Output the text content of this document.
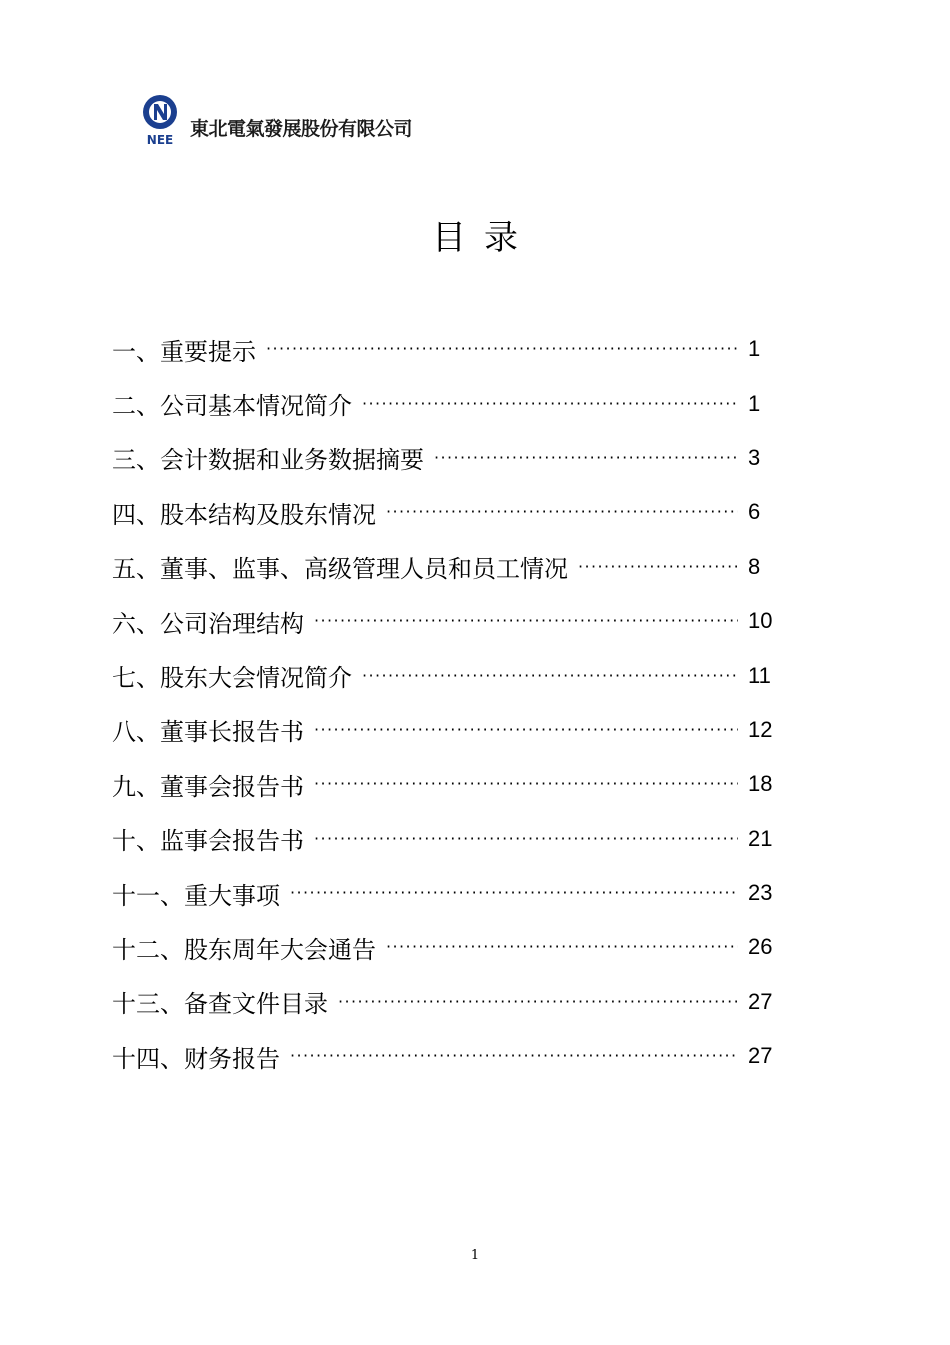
NEE 東北電氣發展股份有限公司
目录
一、重要提示 ·····	1
二、公司基本情况简介 ·····	1
三、会计数据和业务数据摘要 ·····	3
四、股本结构及股东情况 ·····	6
五、董事、监事、高级管理人员和员工情况 ·····	8
六、公司治理结构 ·····	10
七、股东大会情况简介 ·····	11
八、董事长报告书 ·····	12
九、董事会报告书 ·····	18
十、监事会报告书 ·····	21
十一、重大事项 ·····	23
十二、股东周年大会通告 ·····	26
十三、备查文件目录 ·····	27
十四、财务报告 ·····	27
1
